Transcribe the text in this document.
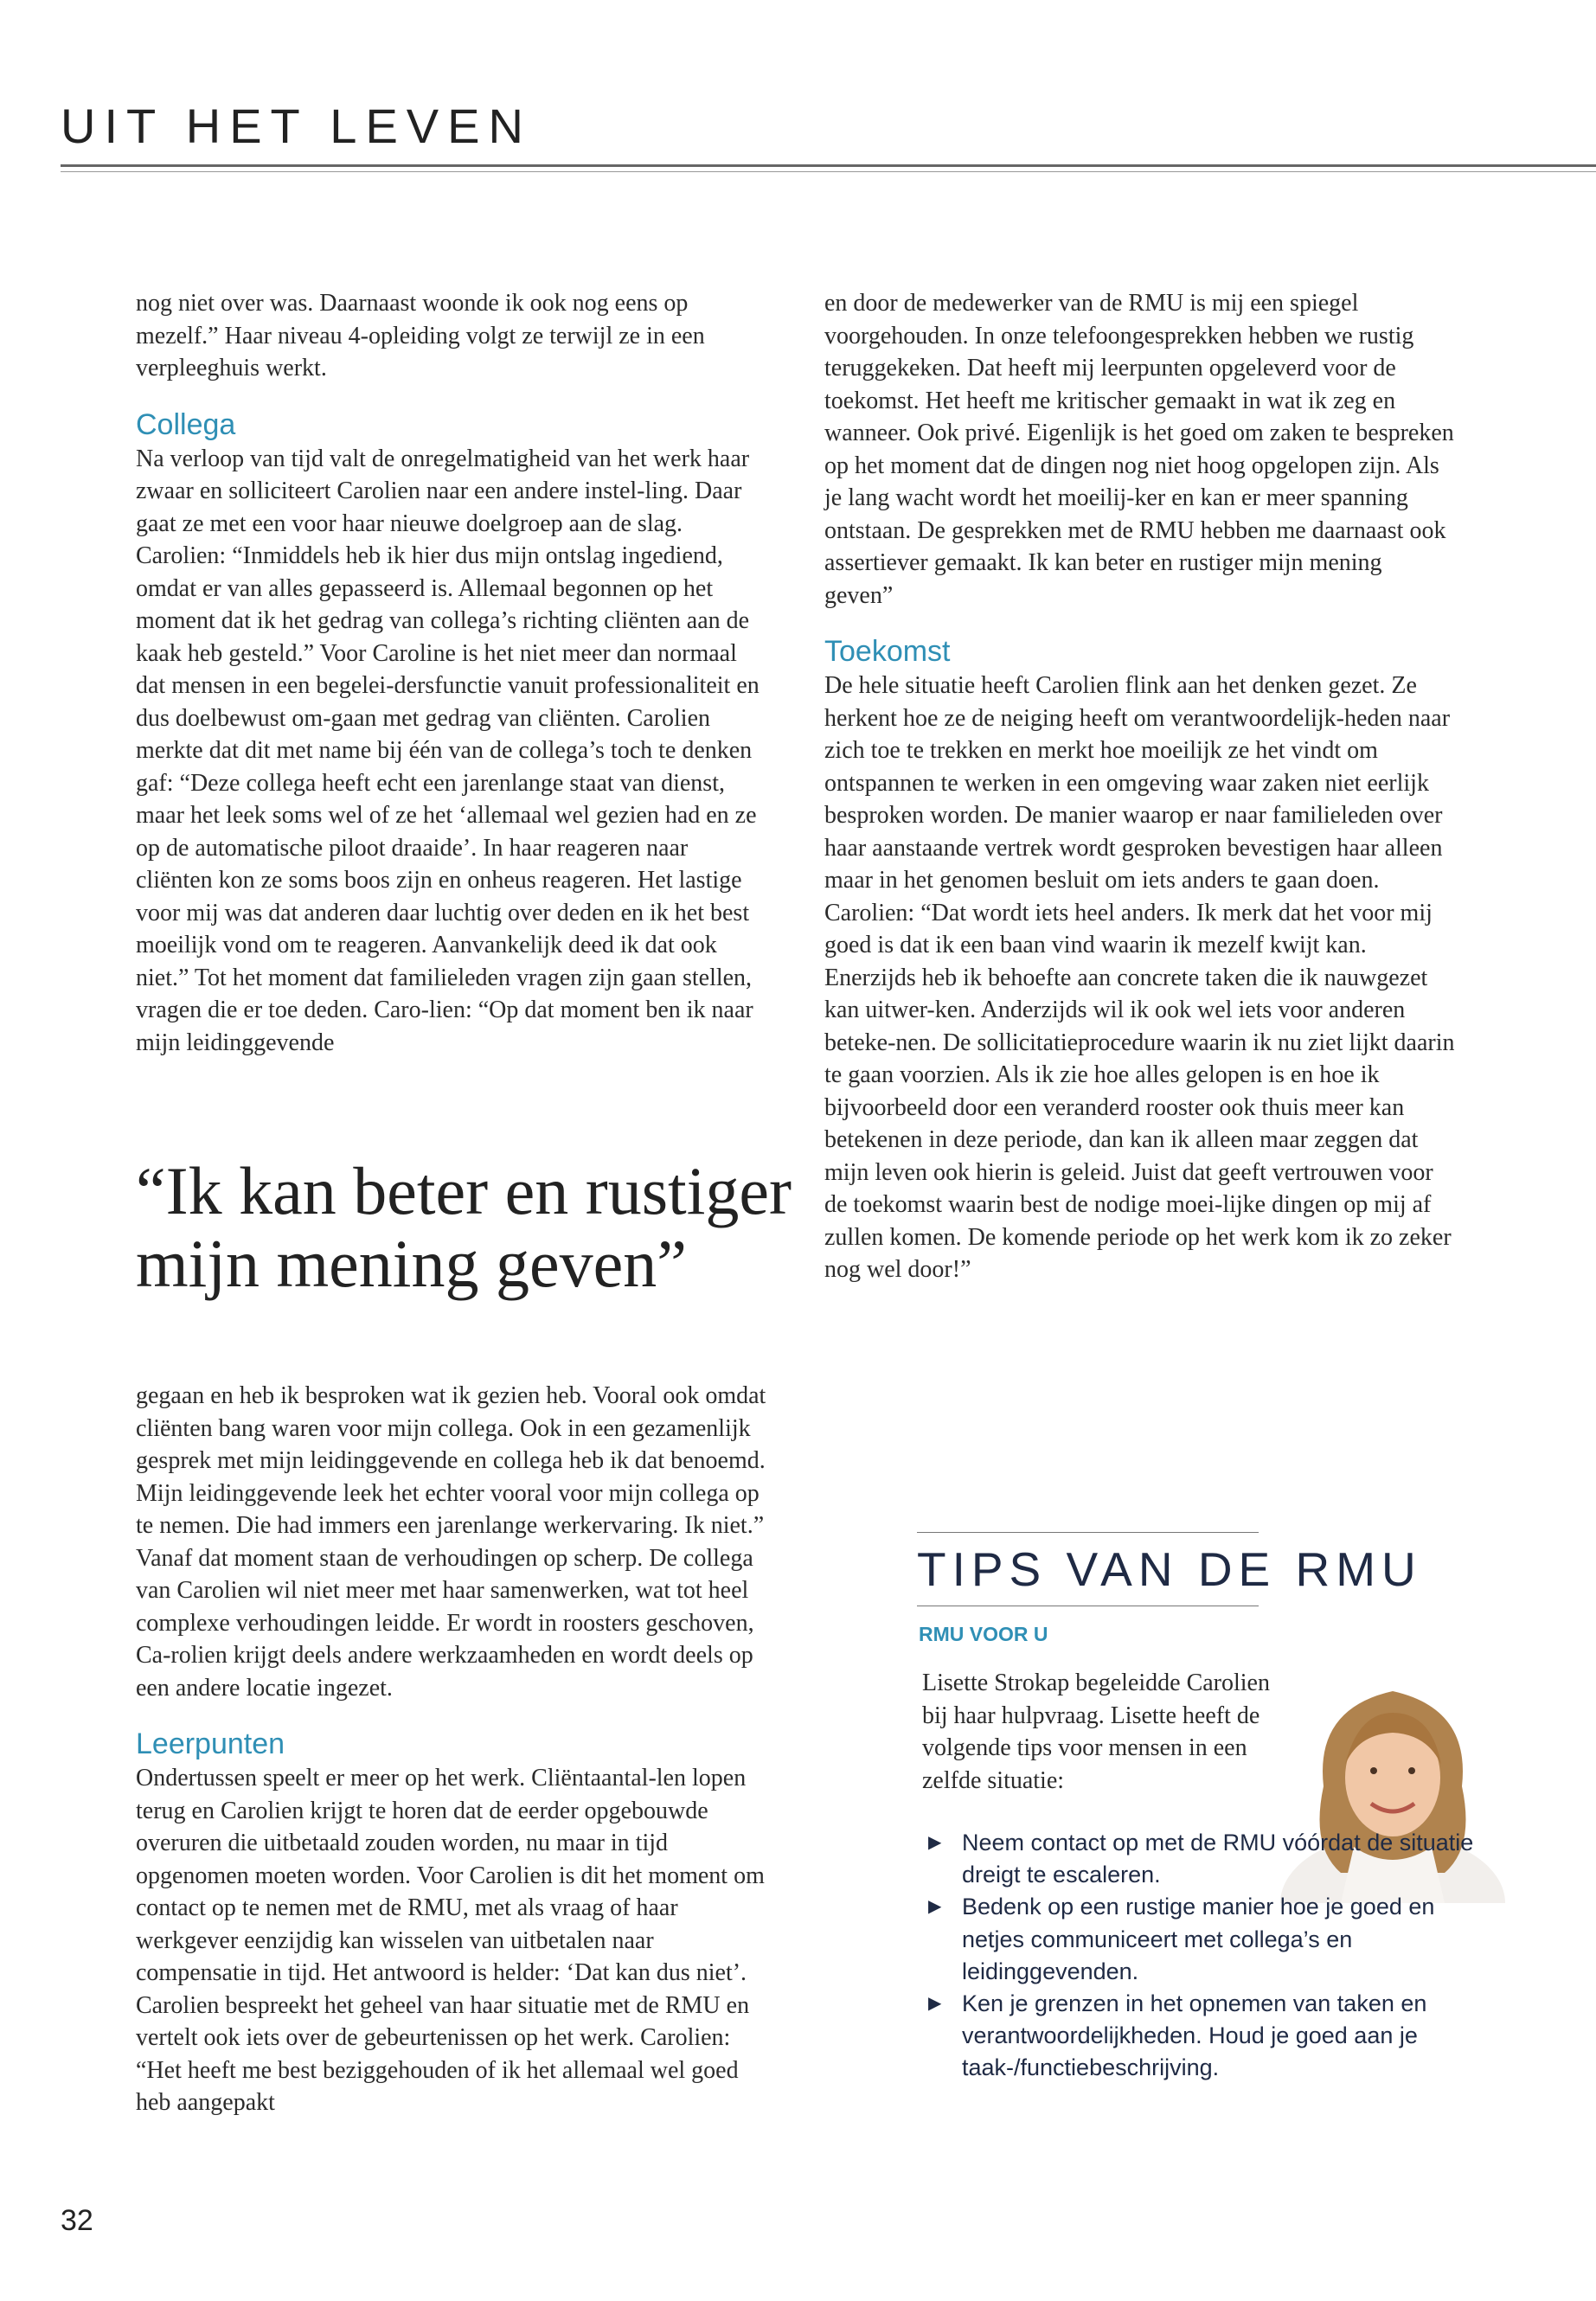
UIT HET LEVEN

nog niet over was. Daarnaast woonde ik ook nog eens op mezelf.” Haar niveau 4-opleiding volgt ze terwijl ze in een verpleeghuis werkt.

Collega

Na verloop van tijd valt de onregelmatigheid van het werk haar zwaar en solliciteert Carolien naar een andere instel-ling. Daar gaat ze met een voor haar nieuwe doelgroep aan de slag. Carolien: “Inmiddels heb ik hier dus mijn ontslag ingediend, omdat er van alles gepasseerd is. Allemaal begonnen op het moment dat ik het gedrag van collega’s richting cliënten aan de kaak heb gesteld.” Voor Caroline is het niet meer dan normaal dat mensen in een begelei-dersfunctie vanuit professionaliteit en dus doelbewust om-gaan met gedrag van cliënten. Carolien merkte dat dit met name bij één van de collega’s toch te denken gaf: “Deze collega heeft echt een jarenlange staat van dienst, maar het leek soms wel of ze het ‘allemaal wel gezien had en ze op de automatische piloot draaide’. In haar reageren naar cliënten kon ze soms boos zijn en onheus reageren. Het lastige voor mij was dat anderen daar luchtig over deden en ik het best moeilijk vond om te reageren. Aanvankelijk deed ik dat ook niet.” Tot het moment dat familieleden vragen zijn gaan stellen, vragen die er toe deden. Caro-lien: “Op dat moment ben ik naar mijn leidinggevende

“Ik kan beter en rustiger mijn mening geven”

en door de medewerker van de RMU is mij een spiegel voorgehouden. In onze telefoongesprekken hebben we rustig teruggekeken. Dat heeft mij leerpunten opgeleverd voor de toekomst. Het heeft me kritischer gemaakt in wat ik zeg en wanneer. Ook privé. Eigenlijk is het goed om zaken te bespreken op het moment dat de dingen nog niet hoog opgelopen zijn. Als je lang wacht wordt het moeilij-ker en kan er meer spanning ontstaan. De gesprekken met de RMU hebben me daarnaast ook assertiever gemaakt. Ik kan beter en rustiger mijn mening geven”

Toekomst

De hele situatie heeft Carolien flink aan het denken gezet. Ze herkent hoe ze de neiging heeft om verantwoordelijk-heden naar zich toe te trekken en merkt hoe moeilijk ze het vindt om ontspannen te werken in een omgeving waar zaken niet eerlijk besproken worden. De manier waarop er naar familieleden over haar aanstaande vertrek wordt gesproken bevestigen haar alleen maar in het genomen besluit om iets anders te gaan doen. Carolien: “Dat wordt iets heel anders. Ik merk dat het voor mij goed is dat ik een baan vind waarin ik mezelf kwijt kan. Enerzijds heb ik behoefte aan concrete taken die ik nauwgezet kan uitwer-ken. Anderzijds wil ik ook wel iets voor anderen beteke-nen. De sollicitatieprocedure waarin ik nu ziet lijkt daarin te gaan voorzien. Als ik zie hoe alles gelopen is en hoe ik bijvoorbeeld door een veranderd rooster ook thuis meer kan betekenen in deze periode, dan kan ik alleen maar zeggen dat mijn leven ook hierin is geleid. Juist dat geeft vertrouwen voor de toekomst waarin best de nodige moei-lijke dingen op mij af zullen komen. De komende periode op het werk kom ik zo zeker nog wel door!”

gegaan en heb ik besproken wat ik gezien heb. Vooral ook omdat cliënten bang waren voor mijn collega. Ook in een gezamenlijk gesprek met mijn leidinggevende en collega heb ik dat benoemd. Mijn leidinggevende leek het echter vooral voor mijn collega op te nemen. Die had immers een jarenlange werkervaring. Ik niet.” Vanaf dat moment staan de verhoudingen op scherp. De collega van Carolien wil niet meer met haar samenwerken, wat tot heel complexe verhoudingen leidde. Er wordt in roosters geschoven, Ca-rolien krijgt deels andere werkzaamheden en wordt deels op een andere locatie ingezet.

Leerpunten

Ondertussen speelt er meer op het werk. Cliëntaantal-len lopen terug en Carolien krijgt te horen dat de eerder opgebouwde overuren die uitbetaald zouden worden, nu maar in tijd opgenomen moeten worden. Voor Carolien is dit het moment om contact op te nemen met de RMU, met als vraag of haar werkgever eenzijdig kan wisselen van uitbetalen naar compensatie in tijd. Het antwoord is helder: ‘Dat kan dus niet’. Carolien bespreekt het geheel van haar situatie met de RMU en vertelt ook iets over de gebeurtenissen op het werk. Carolien: “Het heeft me best beziggehouden of ik het allemaal wel goed heb aangepakt

TIPS VAN DE RMU
RMU VOOR U

Lisette Strokap begeleidde Carolien bij haar hulpvraag. Lisette heeft de volgende tips voor mensen in een zelfde situatie:

▶ Neem contact op met de RMU vóórdat de situatie dreigt te escaleren.
▶ Bedenk op een rustige manier hoe je goed en netjes communiceert met collega’s en leidinggevenden.
▶ Ken je grenzen in het opnemen van taken en verantwoordelijkheden. Houd je goed aan je taak-/functiebeschrijving.
32
